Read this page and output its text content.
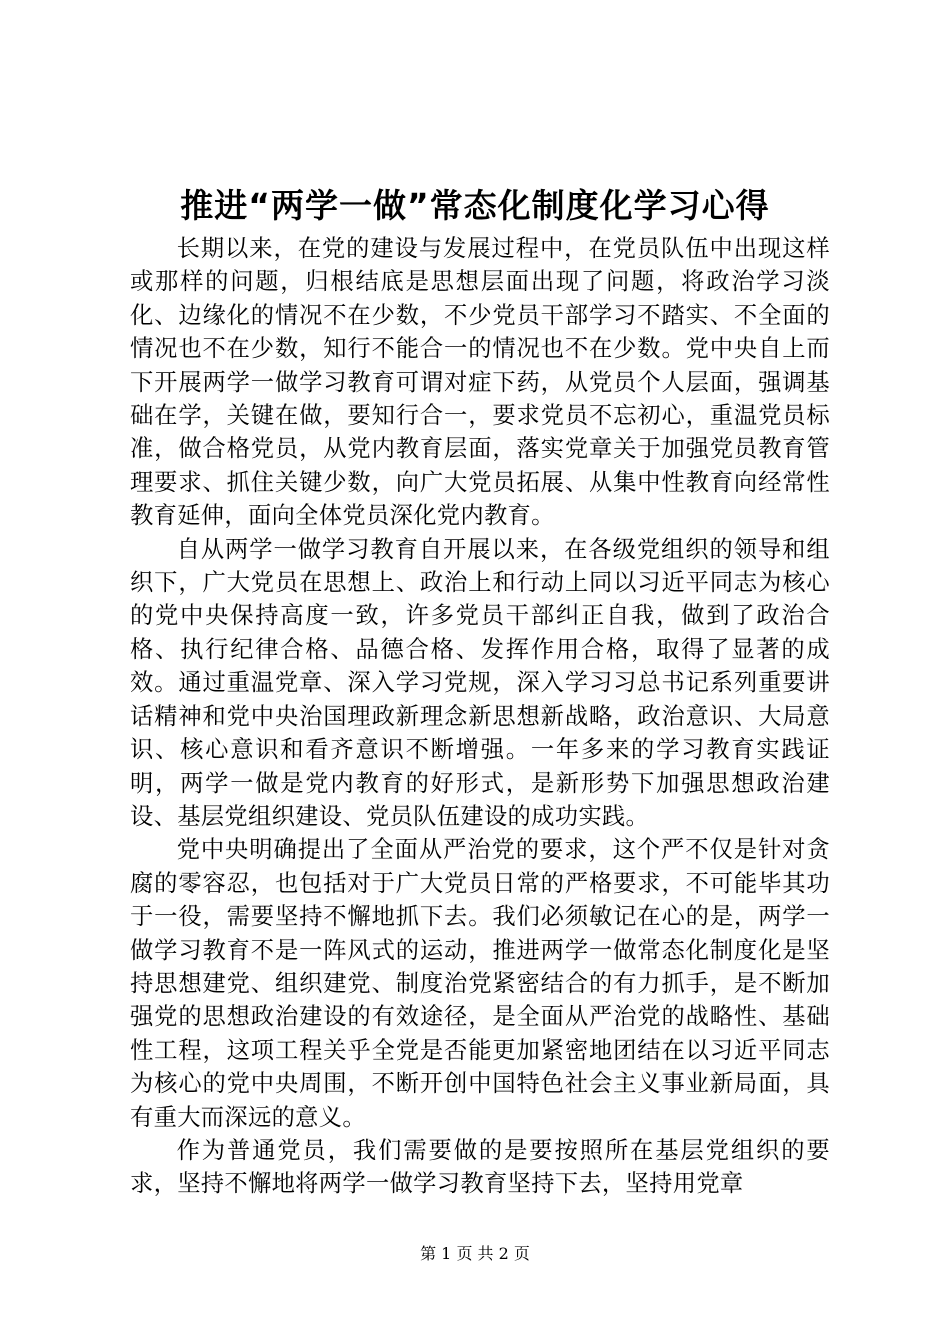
推进“两学一做”常态化制度化学习心得

长期以来，在党的建设与发展过程中，在党员队伍中出现这样或那样的问题，归根结底是思想层面出现了问题，将政治学习淡化、边缘化的情况不在少数，不少党员干部学习不踏实、不全面的情况也不在少数，知行不能合一的情况也不在少数。党中央自上而下开展两学一做学习教育可谓对症下药，从党员个人层面，强调基础在学，关键在做，要知行合一，要求党员不忘初心，重温党员标准，做合格党员，从党内教育层面，落实党章关于加强党员教育管理要求、抓住关键少数，向广大党员拓展、从集中性教育向经常性教育延伸，面向全体党员深化党内教育。

自从两学一做学习教育自开展以来，在各级党组织的领导和组织下，广大党员在思想上、政治上和行动上同以习近平同志为核心的党中央保持高度一致，许多党员干部纠正自我，做到了政治合格、执行纪律合格、品德合格、发挥作用合格，取得了显著的成效。通过重温党章、深入学习党规，深入学习习总书记系列重要讲话精神和党中央治国理政新理念新思想新战略，政治意识、大局意识、核心意识和看齐意识不断增强。一年多来的学习教育实践证明，两学一做是党内教育的好形式，是新形势下加强思想政治建设、基层党组织建设、党员队伍建设的成功实践。

党中央明确提出了全面从严治党的要求，这个严不仅是针对贪腐的零容忍，也包括对于广大党员日常的严格要求，不可能毕其功于一役，需要坚持不懈地抓下去。我们必须敏记在心的是，两学一做学习教育不是一阵风式的运动，推进两学一做常态化制度化是坚持思想建党、组织建党、制度治党紧密结合的有力抓手，是不断加强党的思想政治建设的有效途径，是全面从严治党的战略性、基础性工程，这项工程关乎全党是否能更加紧密地团结在以习近平同志为核心的党中央周围，不断开创中国特色社会主义事业新局面，具有重大而深远的意义。

作为普通党员，我们需要做的是要按照所在基层党组织的要求，坚持不懈地将两学一做学习教育坚持下去，坚持用党章

第 1 页 共 2 页
